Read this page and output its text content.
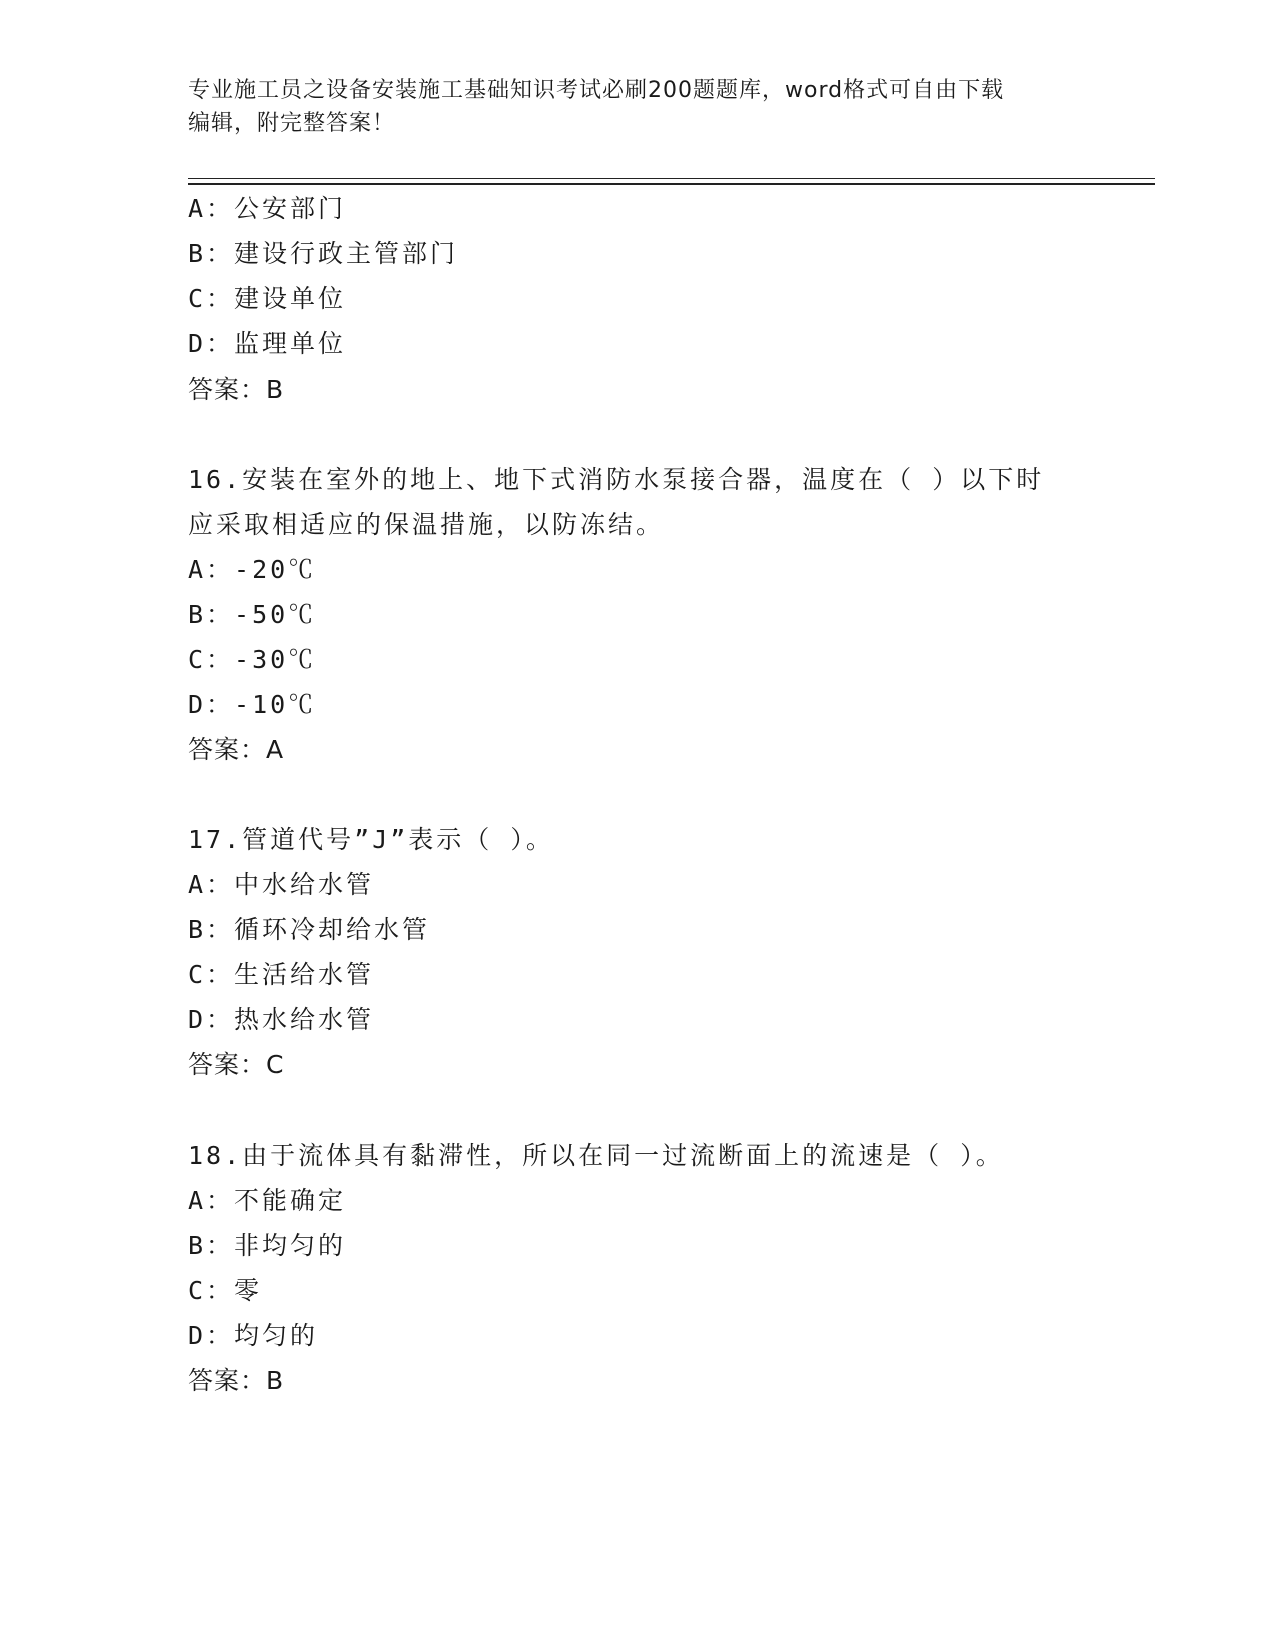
专业施工员之设备安装施工基础知识考试必刷200题题库，word格式可自由下载
编辑，附完整答案！
A：公安部门
B：建设行政主管部门
C：建设单位
D：监理单位
答案：B
16.安装在室外的地上、地下式消防水泵接合器，温度在（ ）以下时
应采取相适应的保温措施，以防冻结。
A：-20℃
B：-50℃
C：-30℃
D：-10℃
答案：A
17.管道代号”J”表示（ ）。
A：中水给水管
B：循环冷却给水管
C：生活给水管
D：热水给水管
答案：C
18.由于流体具有黏滞性，所以在同一过流断面上的流速是（ ）。
A：不能确定
B：非均匀的
C：零
D：均匀的
答案：B
